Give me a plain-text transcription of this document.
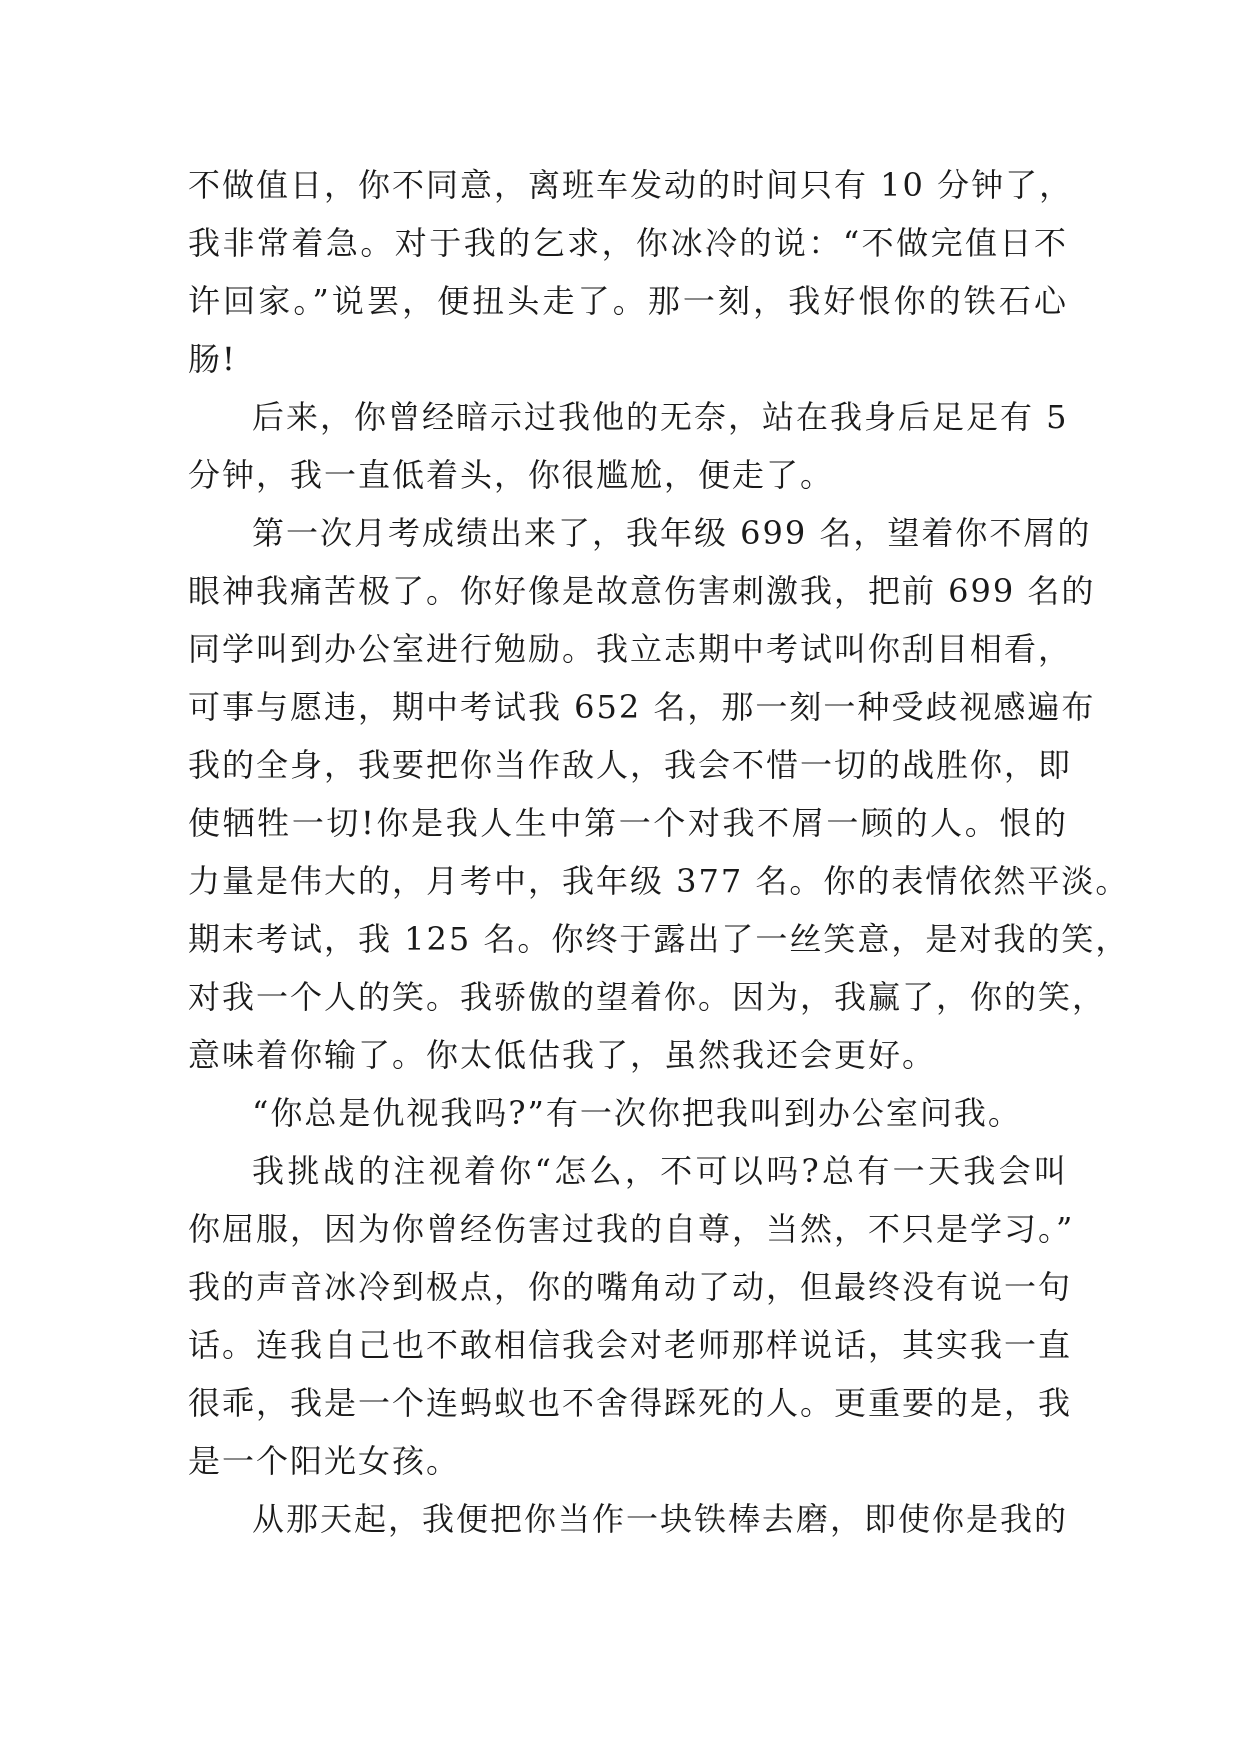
不做值日，你不同意，离班车发动的时间只有 10 分钟了，
我非常着急。对于我的乞求，你冰冷的说：“不做完值日不
许回家。”说罢，便扭头走了。那一刻，我好恨你的铁石心
肠!
后来，你曾经暗示过我他的无奈，站在我身后足足有 5
分钟，我一直低着头，你很尴尬，便走了。
第一次月考成绩出来了，我年级 699 名，望着你不屑的
眼神我痛苦极了。你好像是故意伤害刺激我，把前 699 名的
同学叫到办公室进行勉励。我立志期中考试叫你刮目相看，
可事与愿违，期中考试我 652 名，那一刻一种受歧视感遍布
我的全身，我要把你当作敌人，我会不惜一切的战胜你，即
使牺牲一切!你是我人生中第一个对我不屑一顾的人。恨的
力量是伟大的，月考中，我年级 377 名。你的表情依然平淡。
期末考试，我 125 名。你终于露出了一丝笑意，是对我的笑，
对我一个人的笑。我骄傲的望着你。因为，我赢了，你的笑，
意味着你输了。你太低估我了，虽然我还会更好。
“你总是仇视我吗?”有一次你把我叫到办公室问我。
我挑战的注视着你“怎么，不可以吗?总有一天我会叫
你屈服，因为你曾经伤害过我的自尊，当然，不只是学习。”
我的声音冰冷到极点，你的嘴角动了动，但最终没有说一句
话。连我自己也不敢相信我会对老师那样说话，其实我一直
很乖，我是一个连蚂蚁也不舍得踩死的人。更重要的是，我
是一个阳光女孩。
从那天起，我便把你当作一块铁棒去磨，即使你是我的
